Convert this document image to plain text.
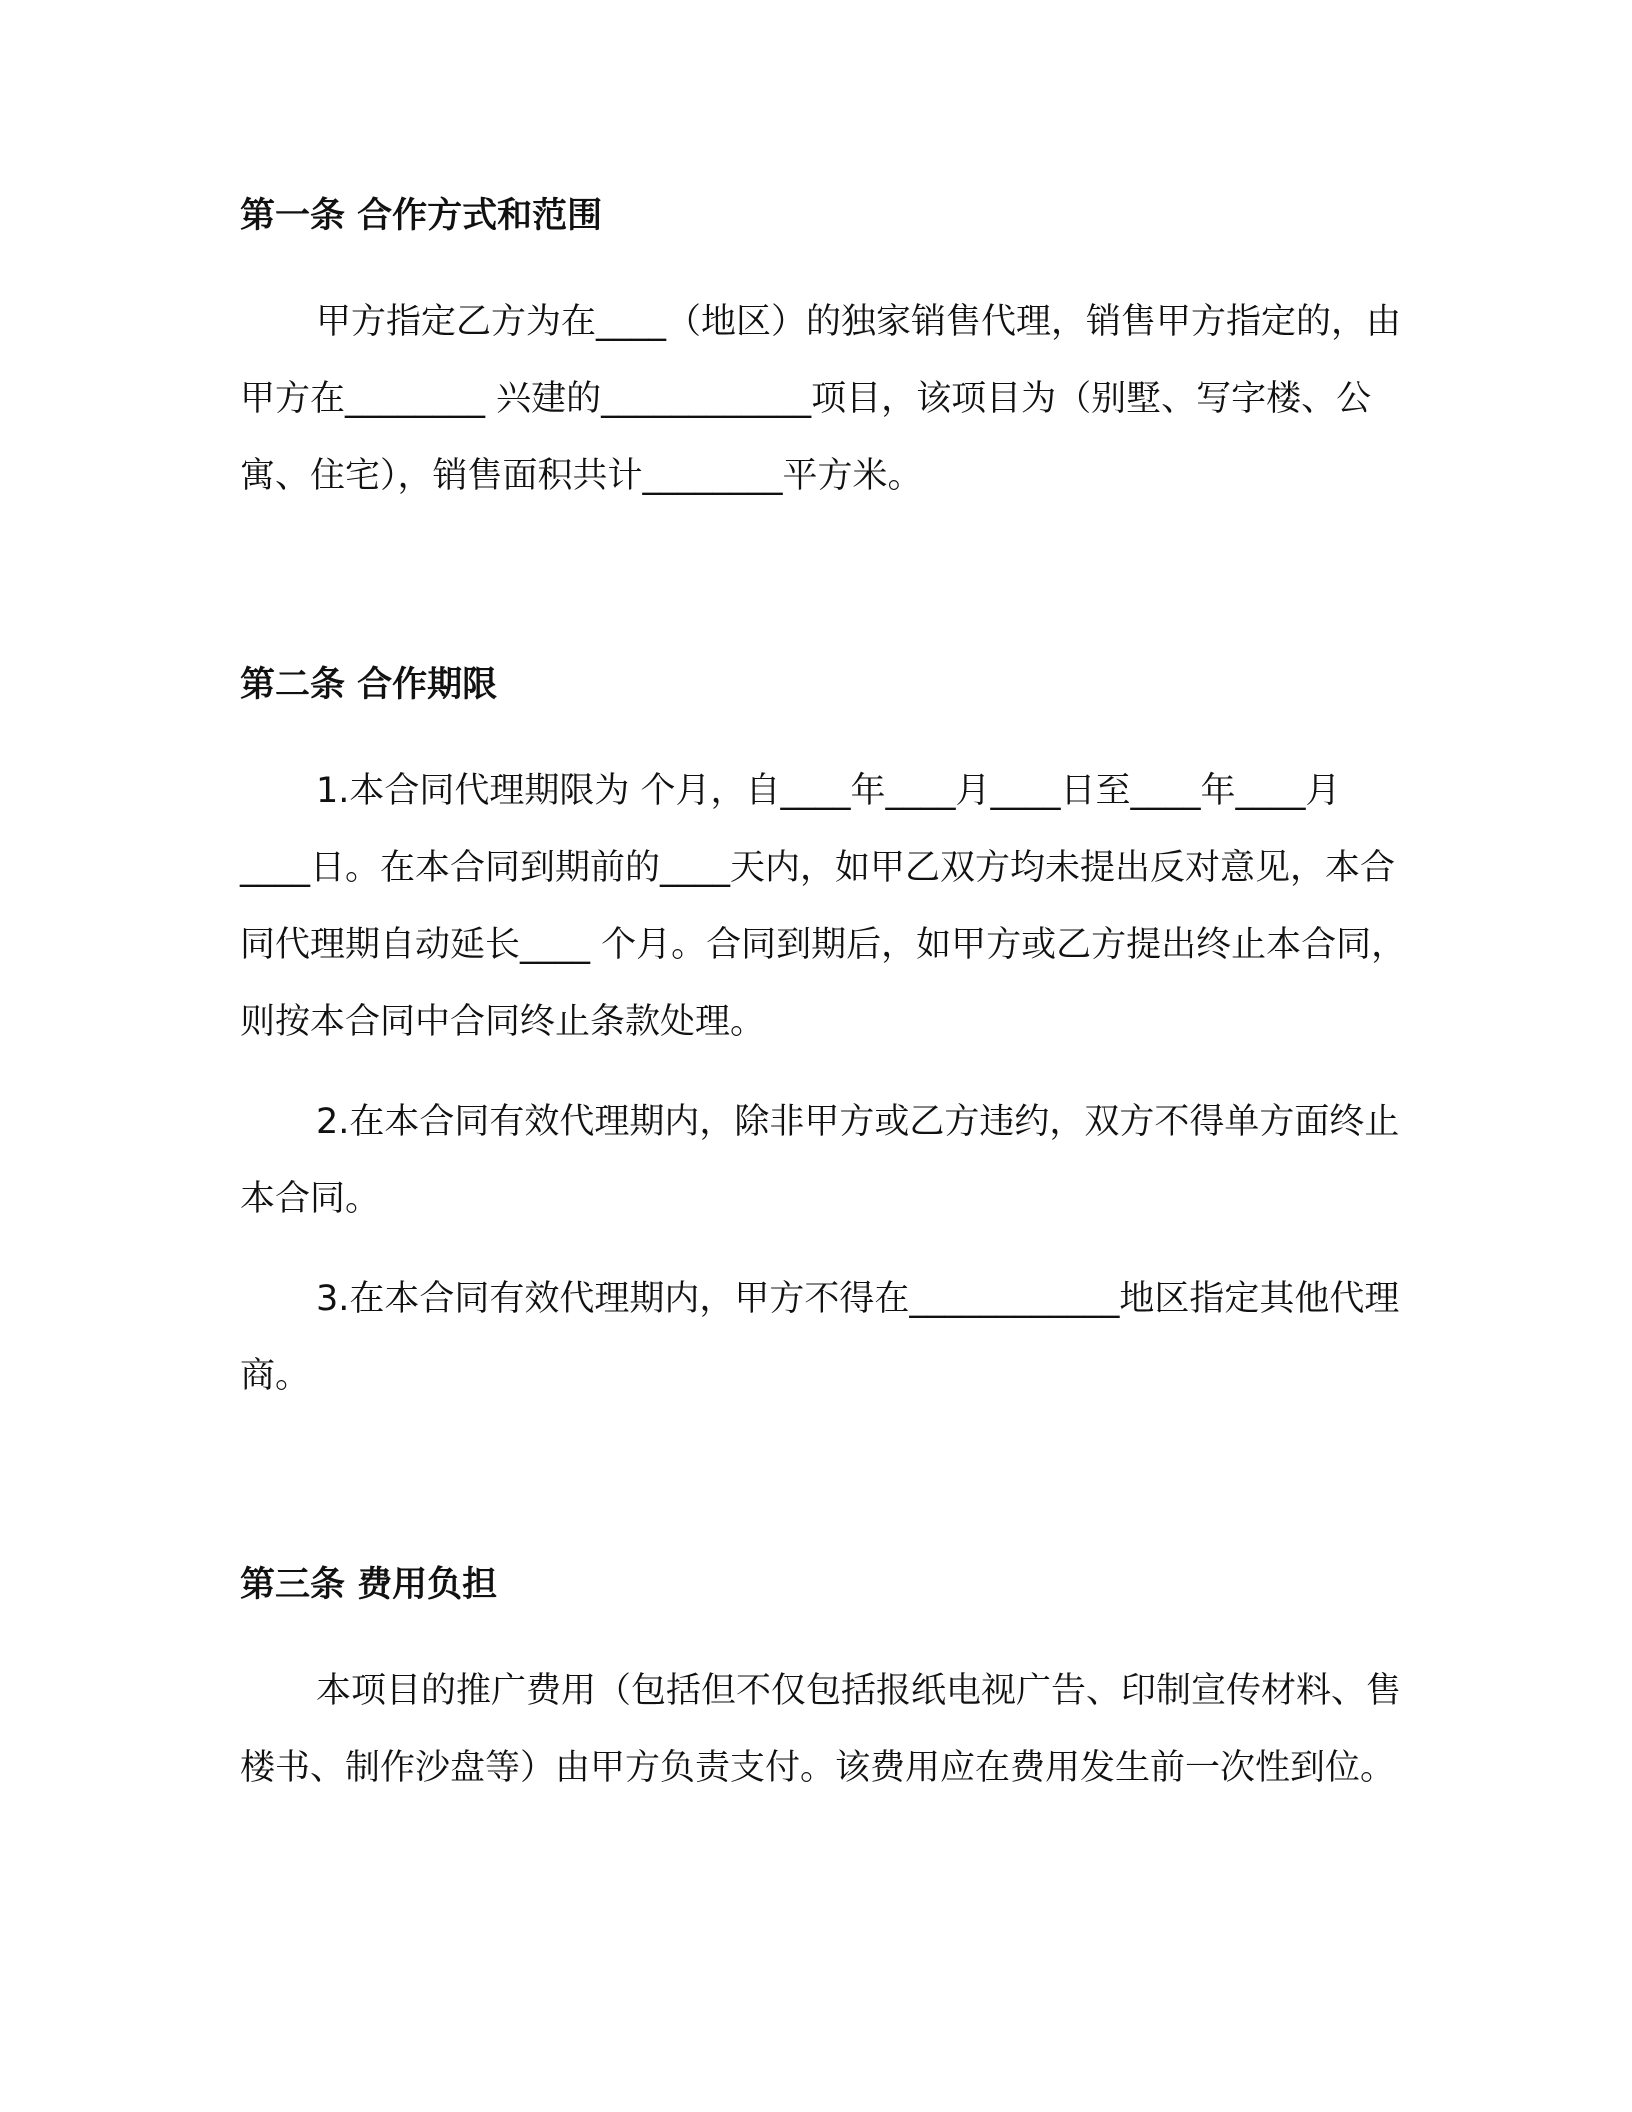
第一条 合作方式和范围

甲方指定乙方为在____（地区）的独家销售代理，销售甲方指定的，由甲方在________ 兴建的____________项目，该项目为（别墅、写字楼、公寓、住宅），销售面积共计________平方米。

第二条 合作期限

1.本合同代理期限为 个月，自____年____月____日至____年____月____日。在本合同到期前的____天内，如甲乙双方均未提出反对意见，本合同代理期自动延长____ 个月。合同到期后，如甲方或乙方提出终止本合同，则按本合同中合同终止条款处理。

2.在本合同有效代理期内，除非甲方或乙方违约，双方不得单方面终止本合同。

3.在本合同有效代理期内，甲方不得在____________地区指定其他代理商。

第三条 费用负担

本项目的推广费用（包括但不仅包括报纸电视广告、印制宣传材料、售楼书、制作沙盘等）由甲方负责支付。该费用应在费用发生前一次性到位。
